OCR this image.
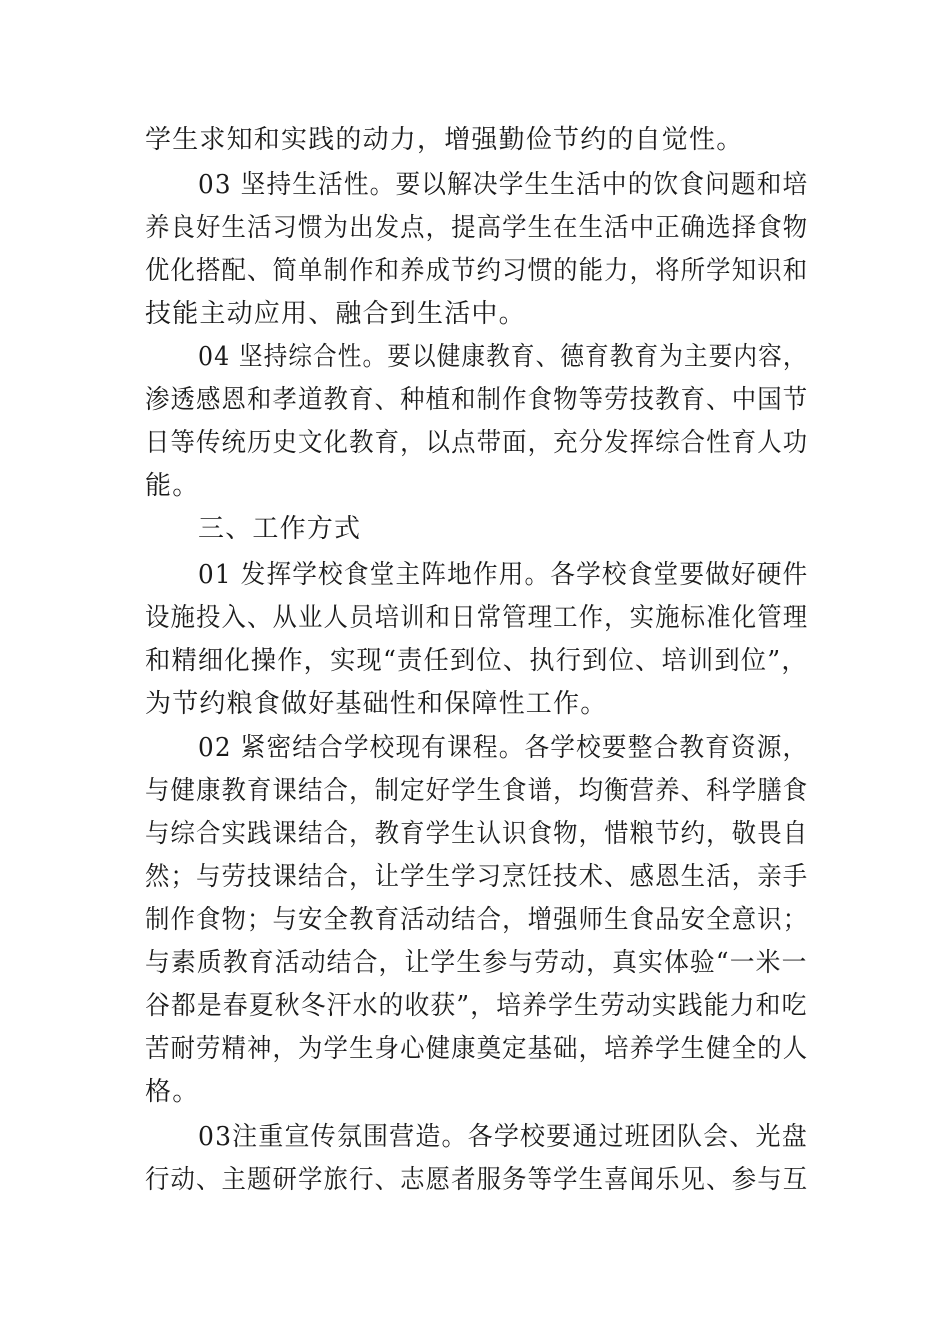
学生求知和实践的动力，增强勤俭节约的自觉性。
03 坚持生活性。要以解决学生生活中的饮食问题和培
养良好生活习惯为出发点，提高学生在生活中正确选择食物
优化搭配、简单制作和养成节约习惯的能力，将所学知识和
技能主动应用、融合到生活中。
04 坚持综合性。要以健康教育、德育教育为主要内容，
渗透感恩和孝道教育、种植和制作食物等劳技教育、中国节
日等传统历史文化教育，以点带面，充分发挥综合性育人功
能。
三、工作方式
01 发挥学校食堂主阵地作用。各学校食堂要做好硬件
设施投入、从业人员培训和日常管理工作，实施标准化管理
和精细化操作，实现“责任到位、执行到位、培训到位”，
为节约粮食做好基础性和保障性工作。
02 紧密结合学校现有课程。各学校要整合教育资源，
与健康教育课结合，制定好学生食谱，均衡营养、科学膳食
与综合实践课结合，教育学生认识食物，惜粮节约，敬畏自
然；与劳技课结合，让学生学习烹饪技术、感恩生活，亲手
制作食物；与安全教育活动结合，增强师生食品安全意识；
与素质教育活动结合，让学生参与劳动，真实体验“一米一
谷都是春夏秋冬汗水的收获”，培养学生劳动实践能力和吃
苦耐劳精神，为学生身心健康奠定基础，培养学生健全的人
格。
03注重宣传氛围营造。各学校要通过班团队会、光盘
行动、主题研学旅行、志愿者服务等学生喜闻乐见、参与互
